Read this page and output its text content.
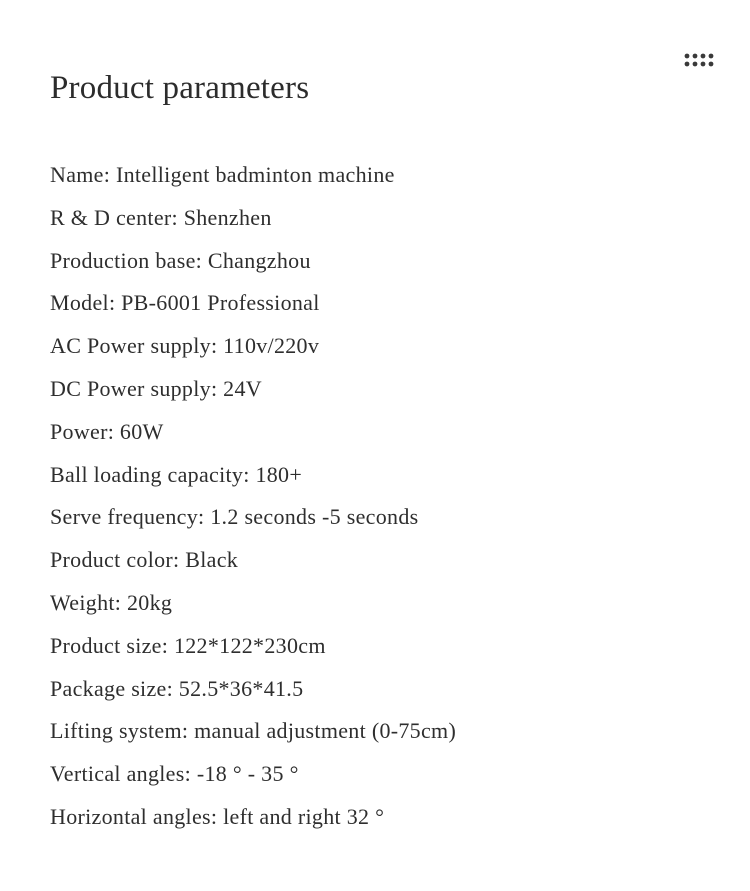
Product parameters
Name: Intelligent badminton machine
R & D center: Shenzhen
Production base: Changzhou
Model: PB-6001 Professional
AC Power supply: 110v/220v
DC Power supply: 24V
Power: 60W
Ball loading capacity: 180+
Serve frequency: 1.2 seconds -5 seconds
Product color: Black
Weight: 20kg
Product size: 122*122*230cm
Package size: 52.5*36*41.5
Lifting system: manual adjustment (0-75cm)
Vertical angles: -18 ° - 35 °
Horizontal angles: left and right 32 °
